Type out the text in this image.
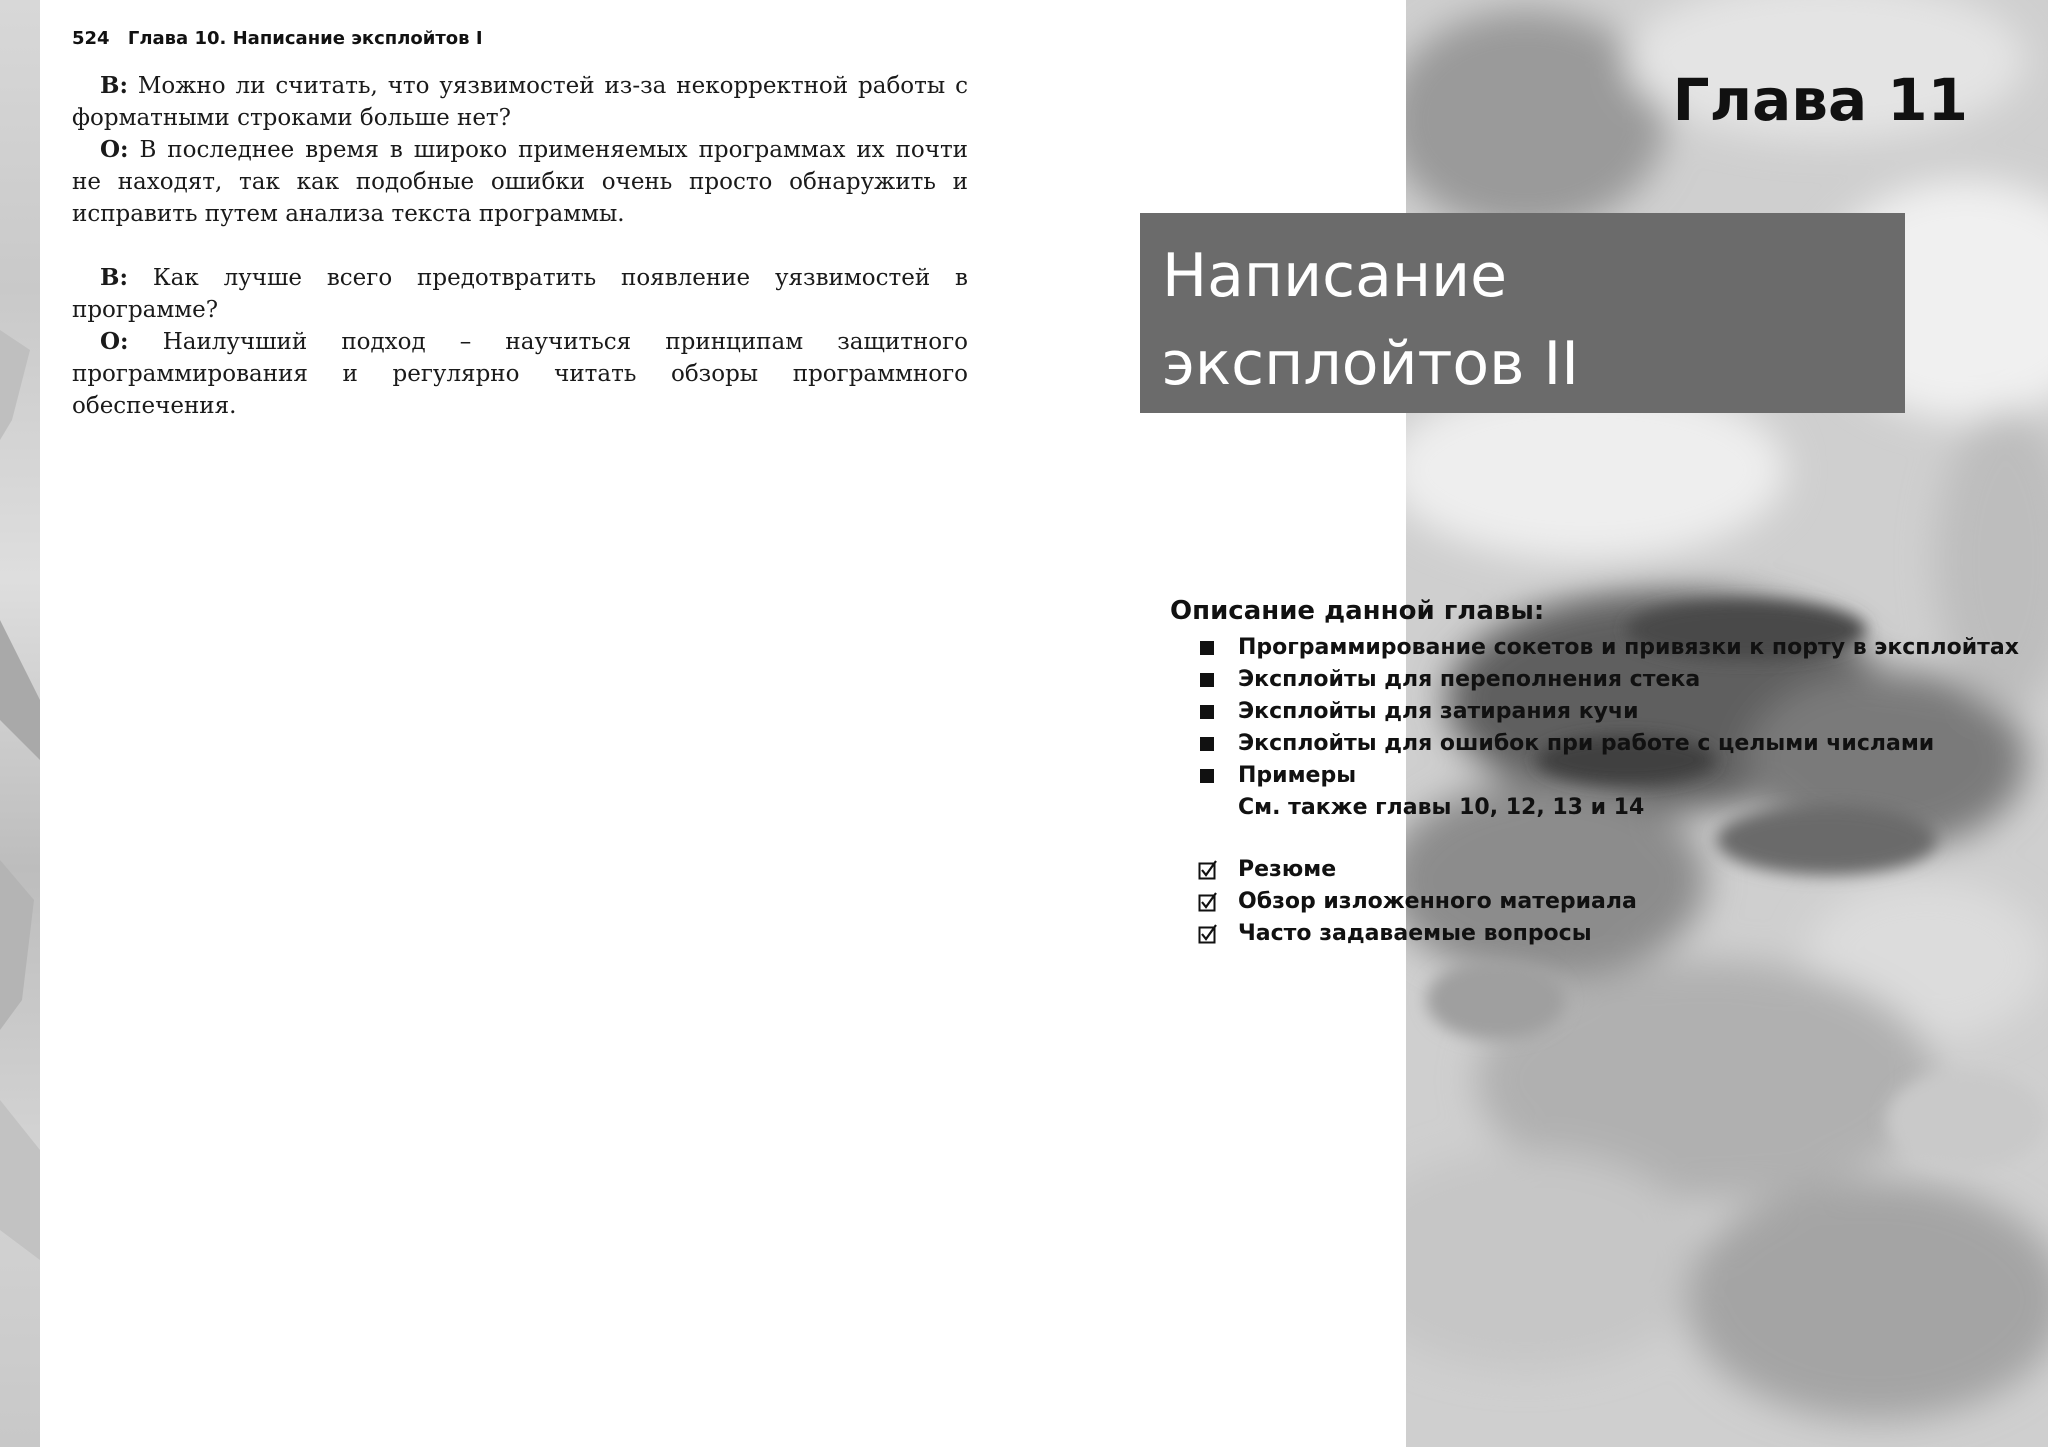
524 Глава 10. Написание эксплойтов I

В: Можно ли считать, что уязвимостей из-за некорректной работы с форматными строками больше нет?

О: В последнее время в широко применяемых программах их почти не находят, так как подобные ошибки очень просто обнаружить и исправить путем анализа текста программы.

В: Как лучше всего предотвратить появление уязвимостей в программе?

О: Наилучший подход – научиться принципам защитного программирования и регулярно читать обзоры программного обеспечения.

Глава 11
Написание
эксплойтов II
Описание данной главы:
Программирование сокетов и привязки к порту в эксплойтах
Эксплойты для переполнения стека
Эксплойты для затирания кучи
Эксплойты для ошибок при работе с целыми числами
Примеры
См. также главы 10, 12, 13 и 14
Резюме
Обзор изложенного материала
Часто задаваемые вопросы
